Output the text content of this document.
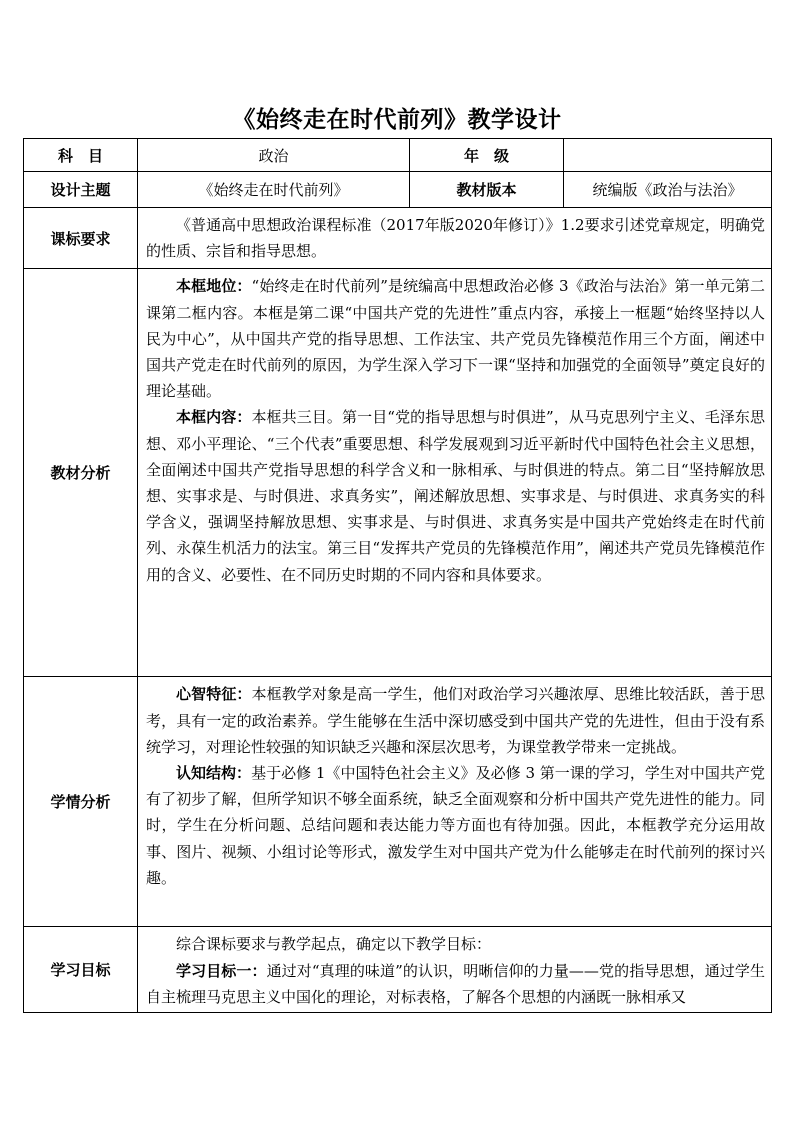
《始终走在时代前列》教学设计
科　目	政治	年　级	
设计主题	《始终走在时代前列》	教材版本	统编版《政治与法治》
课标要求	《普通高中思想政治课程标准（2017年版2020年修订）》1.2要求引述党章规定，明确党的性质、宗旨和指导思想。		

教材分析	本框地位：“始终走在时代前列”是统编高中思想政治必修 3《政治与法治》第一单元第二课第二框内容。本框是第二课“中国共产党的先进性”重点内容，承接上一框题“始终坚持以人民为中心”，从中国共产党的指导思想、工作法宝、共产党员先锋模范作用三个方面，阐述中国共产党走在时代前列的原因，为学生深入学习下一课“坚持和加强党的全面领导”奠定良好的理论基础。

本框内容：本框共三目。第一目“党的指导思想与时俱进”，从马克思列宁主义、毛泽东思想、邓小平理论、“三个代表”重要思想、科学发展观到习近平新时代中国特色社会主义思想，全面阐述中国共产党指导思想的科学含义和一脉相承、与时俱进的特点。第二目“坚持解放思想、实事求是、与时俱进、求真务实”，阐述解放思想、实事求是、与时俱进、求真务实的科学含义，强调坚持解放思想、实事求是、与时俱进、求真务实是中国共产党始终走在时代前列、永葆生机活力的法宝。第三目“发挥共产党员的先锋模范作用”，阐述共产党员先锋模范作用的含义、必要性、在不同历史时期的不同内容和具体要求。		

学情分析	心智特征：本框教学对象是高一学生，他们对政治学习兴趣浓厚、思维比较活跃，善于思考，具有一定的政治素养。学生能够在生活中深切感受到中国共产党的先进性，但由于没有系统学习，对理论性较强的知识缺乏兴趣和深层次思考，为课堂教学带来一定挑战。

认知结构：基于必修 1《中国特色社会主义》及必修 3 第一课的学习，学生对中国共产党有了初步了解，但所学知识不够全面系统，缺乏全面观察和分析中国共产党先进性的能力。同时，学生在分析问题、总结问题和表达能力等方面也有待加强。因此，本框教学充分运用故事、图片、视频、小组讨论等形式，激发学生对中国共产党为什么能够走在时代前列的探讨兴趣。		

学习目标	综合课标要求与教学起点，确定以下教学目标：

学习目标一：通过对“真理的味道”的认识，明晰信仰的力量——党的指导思想，通过学生自主梳理马克思主义中国化的理论，对标表格，了解各个思想的内涵既一脉相承又		
